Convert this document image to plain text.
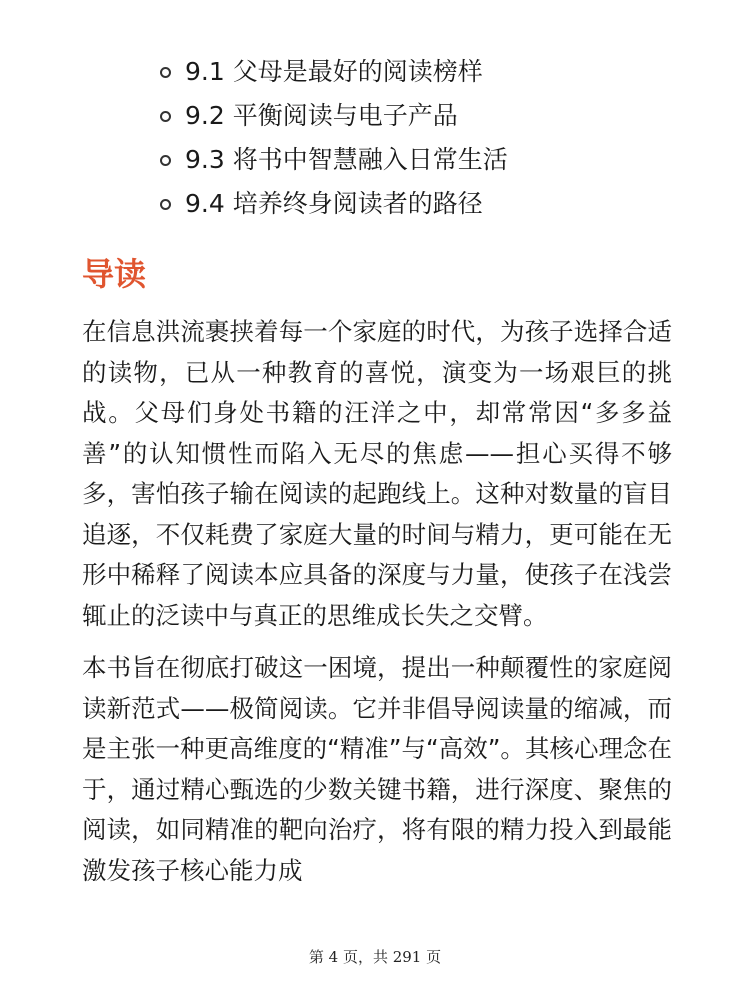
9.1 父母是最好的阅读榜样
9.2 平衡阅读与电子产品
9.3 将书中智慧融入日常生活
9.4 培养终身阅读者的路径
导读

在信息洪流裹挟着每一个家庭的时代，为孩子选择合适的读物，已从一种教育的喜悦，演变为一场艰巨的挑战。父母们身处书籍的汪洋之中，却常常因“多多益善”的认知惯性而陷入无尽的焦虑——担心买得不够多，害怕孩子输在阅读的起跑线上。这种对数量的盲目追逐，不仅耗费了家庭大量的时间与精力，更可能在无形中稀释了阅读本应具备的深度与力量，使孩子在浅尝辄止的泛读中与真正的思维成长失之交臂。

本书旨在彻底打破这一困境，提出一种颠覆性的家庭阅读新范式——极简阅读。它并非倡导阅读量的缩减，而是主张一种更高维度的“精准”与“高效”。其核心理念在于，通过精心甄选的少数关键书籍，进行深度、聚焦的阅读，如同精准的靶向治疗，将有限的精力投入到最能激发孩子核心能力成

第 4 页，共 291 页
